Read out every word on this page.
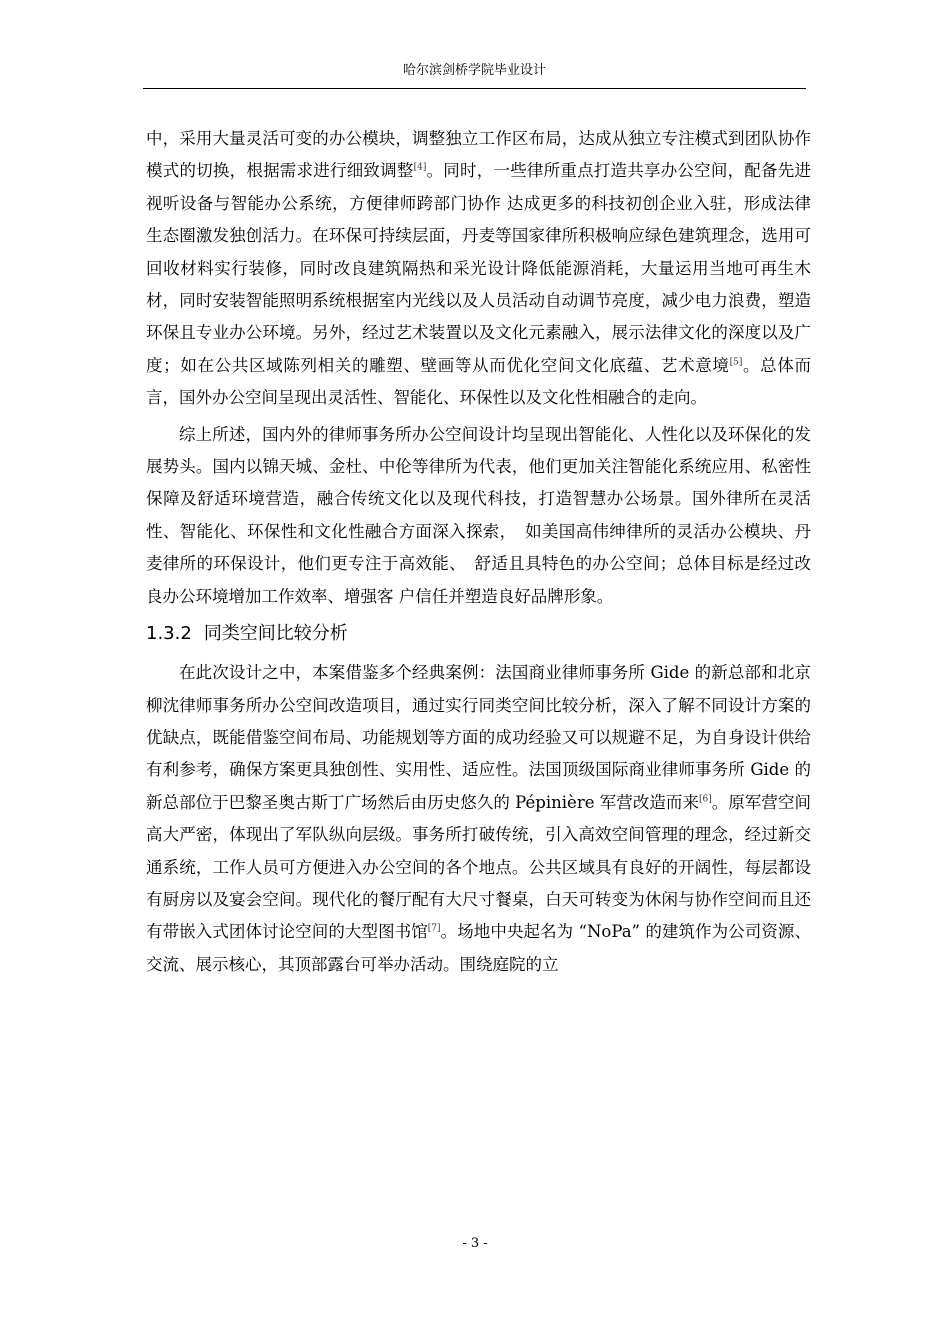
哈尔滨剑桥学院毕业设计

中，采用大量灵活可变的办公模块，调整独立工作区布局，达成从独立专注模式到团队协作模式的切换，根据需求进行细致调整[4]。同时，一些律所重点打造共享办公空间，配备先进视听设备与智能办公系统，方便律师跨部门协作 达成更多的科技初创企业入驻，形成法律生态圈激发独创活力。在环保可持续层面，丹麦等国家律所积极响应绿色建筑理念，选用可回收材料实行装修，同时改良建筑隔热和采光设计降低能源消耗，大量运用当地可再生木材，同时安装智能照明系统根据室内光线以及人员活动自动调节亮度，减少电力浪费，塑造环保且专业办公环境。另外，经过艺术装置以及文化元素融入，展示法律文化的深度以及广度；如在公共区域陈列相关的雕塑、壁画等从而优化空间文化底蕴、艺术意境[5]。总体而言，国外办公空间呈现出灵活性、智能化、环保性以及文化性相融合的走向。

综上所述，国内外的律师事务所办公空间设计均呈现出智能化、人性化以及环保化的发展势头。国内以锦天城、金杜、中伦等律所为代表，他们更加关注智能化系统应用、私密性保障及舒适环境营造，融合传统文化以及现代科技，打造智慧办公场景。国外律所在灵活性、智能化、环保性和文化性融合方面深入探索，　如美国高伟绅律所的灵活办公模块、丹麦律所的环保设计，他们更专注于高效能、　舒适且具特色的办公空间；总体目标是经过改良办公环境增加工作效率、增强客 户信任并塑造良好品牌形象。

1.3.2 同类空间比较分析

在此次设计之中，本案借鉴多个经典案例：法国商业律师事务所 Gide 的新总部和北京柳沈律师事务所办公空间改造项目，通过实行同类空间比较分析，深入了解不同设计方案的优缺点，既能借鉴空间布局、功能规划等方面的成功经验又可以规避不足，为自身设计供给有利参考，确保方案更具独创性、实用性、适应性。法国顶级国际商业律师事务所 Gide 的新总部位于巴黎圣奥古斯丁广场然后由历史悠久的 Pépinière 军营改造而来[6]。原军营空间高大严密，体现出了军队纵向层级。事务所打破传统，引入高效空间管理的理念，经过新交通系统，工作人员可方便进入办公空间的各个地点。公共区域具有良好的开阔性，每层都设有厨房以及宴会空间。现代化的餐厅配有大尺寸餐桌，白天可转变为休闲与协作空间而且还有带嵌入式团体讨论空间的大型图书馆[7]。场地中央起名为 “NoPa” 的建筑作为公司资源、交流、展示核心，其顶部露台可举办活动。围绕庭院的立

- 3 -
